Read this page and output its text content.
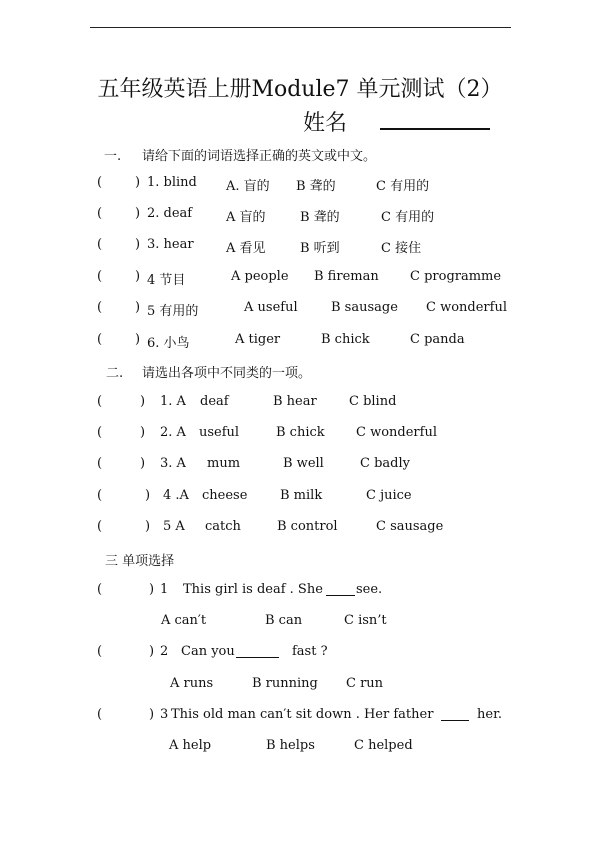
五年级英语上册Module7 单元测试（2）
姓名
一. 请给下面的词语选择正确的英文或中文。
(	) 1. blind A. 盲的 B 聋的	C 有用的
(	) 2. deaf	A 盲的	B 聋的	C 有用的
(	) 3. hear A 看见	B 听到	C 接住
(	) 4 节目	A people B fireman C programme
(	) 5 有用的	A useful	B sausage C wonderful
(	) 6. 小鸟	A tiger	B chick	C panda
二. 请选出各项中不同类的一项。
(	) 1. A deaf	B hear C blind
(	) 2. A useful	B chick C wonderful
(	) 3. A mum	B well	C badly
(	) 4 .A cheese	B milk	C juice
(	) 5 A catch	B control	C sausage
三 单项选择
(	) 1 This girl is deaf . She	see.
A can′t	B can	C isn’t
(	) 2 Can you	fast ?
A runs	B running C run
(	) 3 This old man can′t sit down . Her father	her.
A help	B helps	C helped
